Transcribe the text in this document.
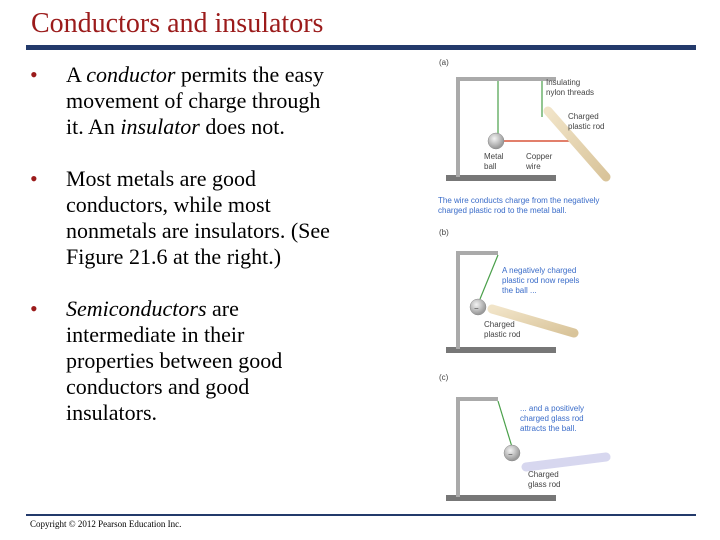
Conductors and insulators
• A conductor permits the easy movement of charge through it. An insulator does not.
• Most metals are good conductors, while most nonmetals are insulators. (See Figure 21.6 at the right.)
• Semiconductors are intermediate in their properties between good conductors and good insulators.
(a)
Insulating
nylon threads
Charged
plastic rod
Metal
ball
Copper
wire
The wire conducts charge from the negatively
charged plastic rod to the metal ball.
(b)
−
A negatively charged
plastic rod now repels
the ball ...
Charged
plastic rod
(c)
−
... and a positively
charged glass rod
attracts the ball.
Charged
glass rod
Copyright © 2012 Pearson Education Inc.
